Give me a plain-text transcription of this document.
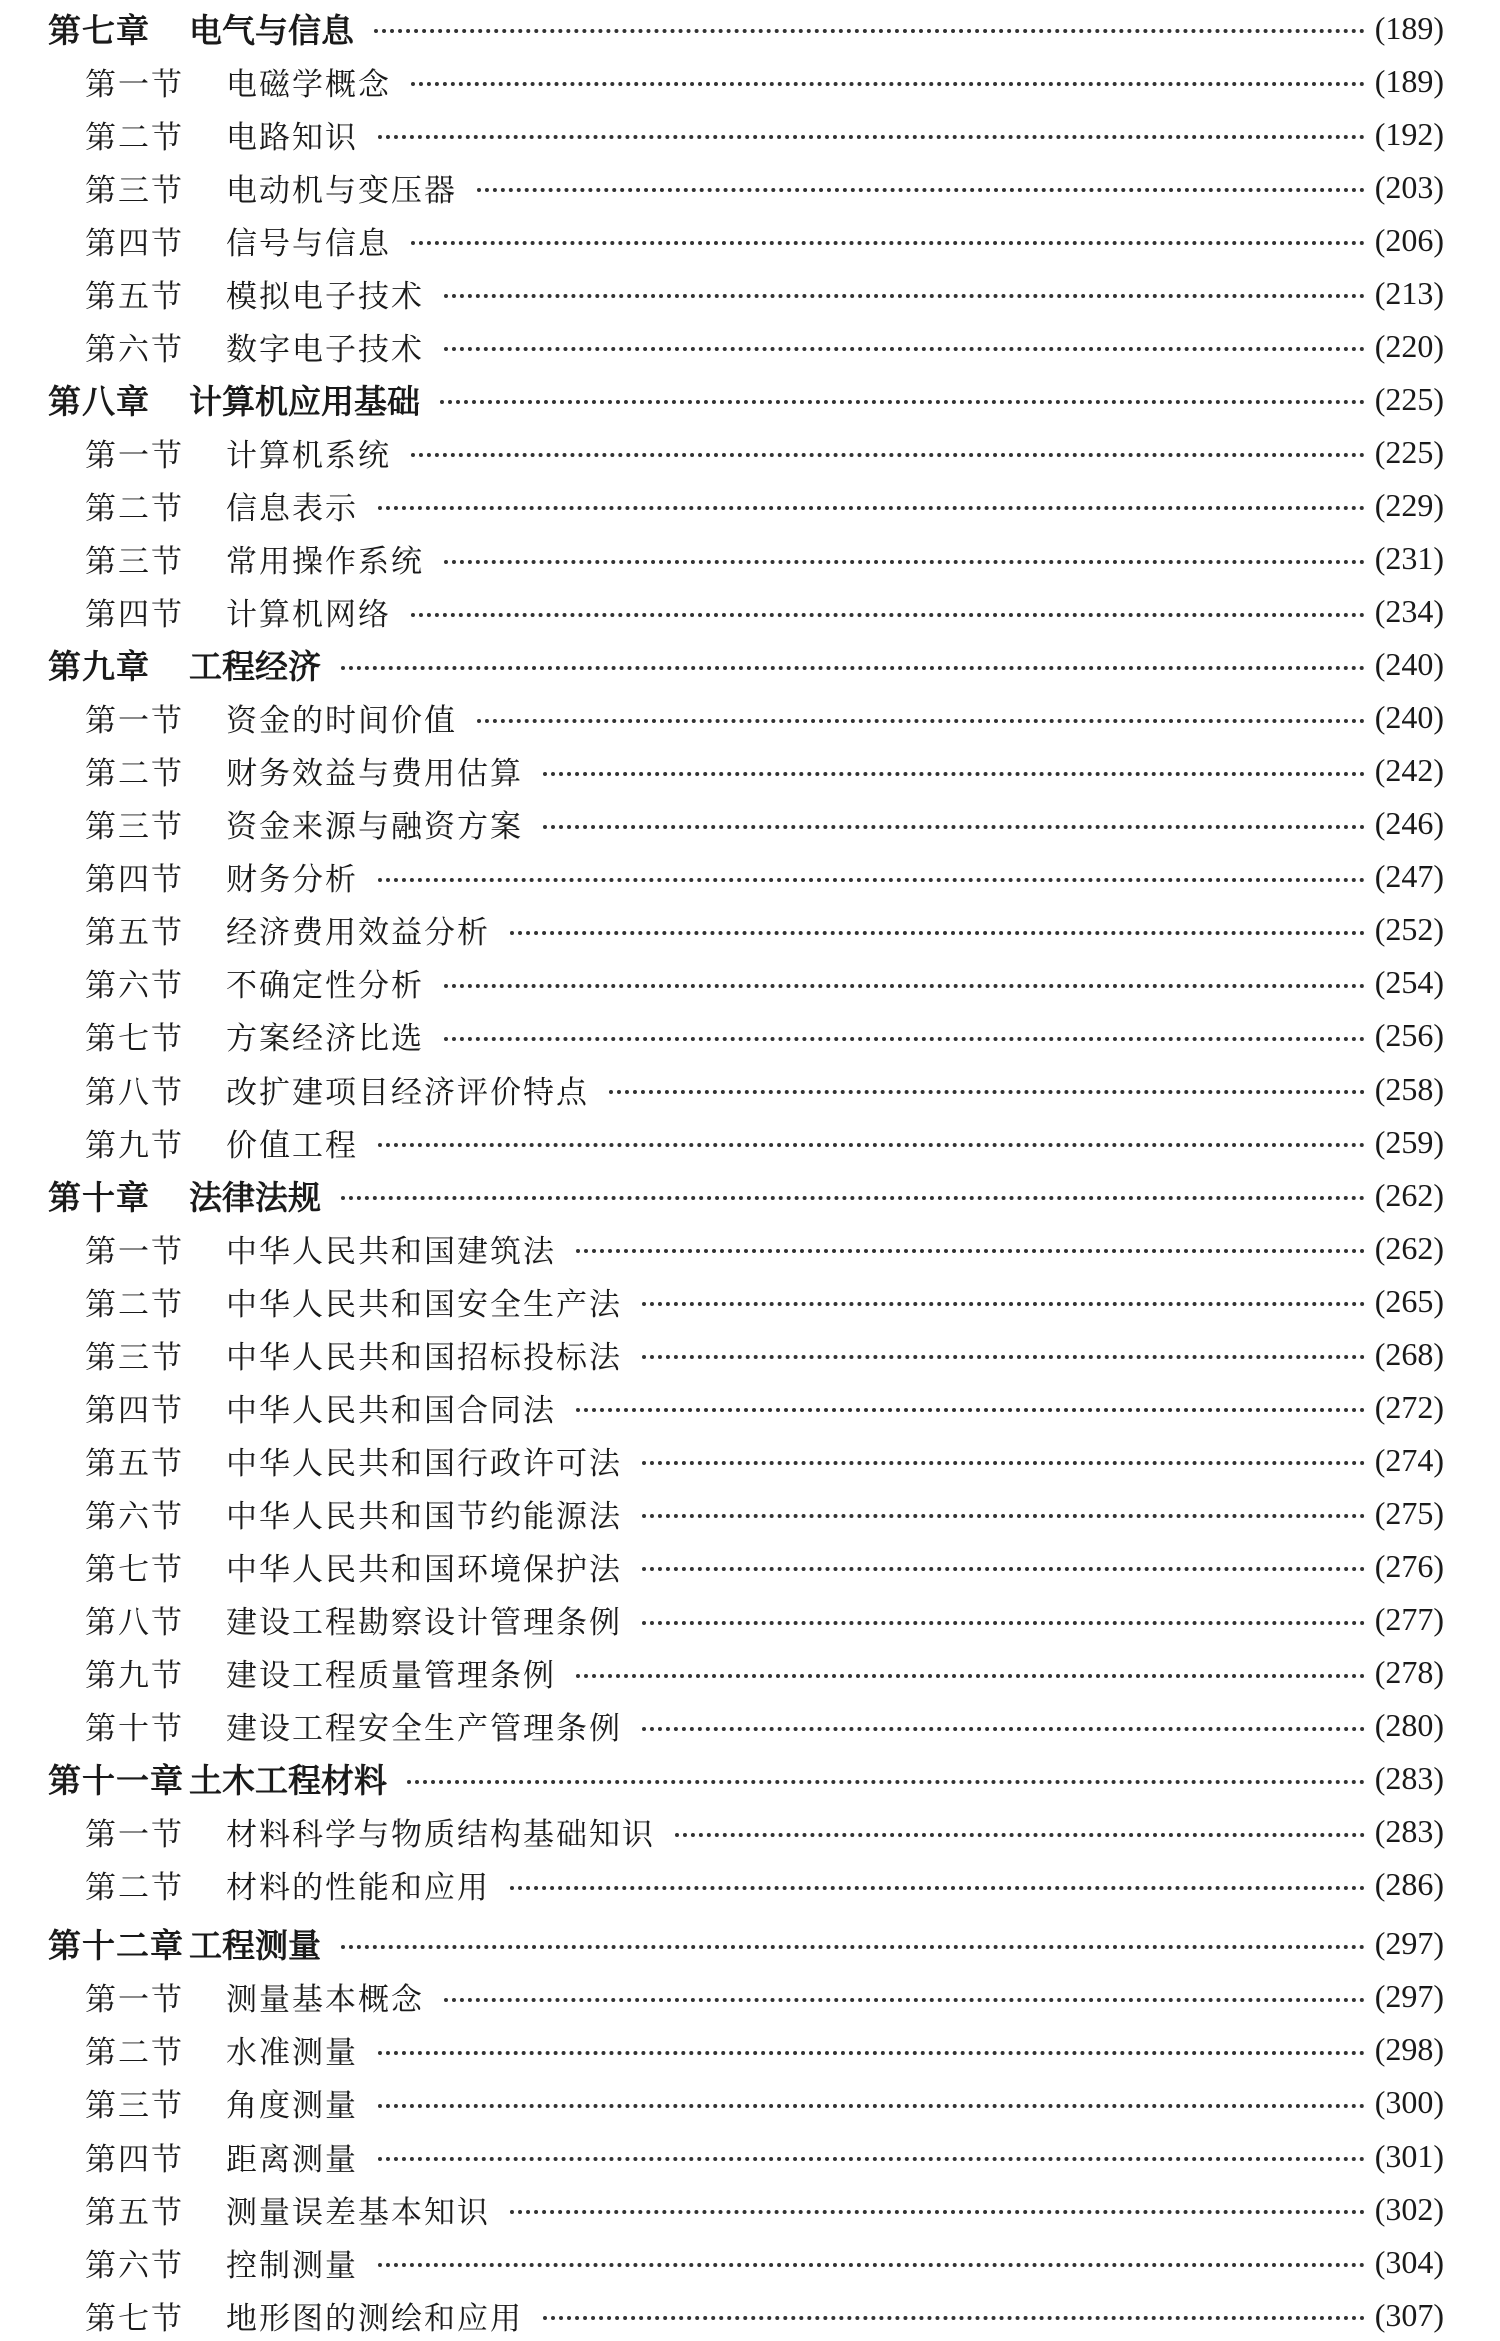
第七章	电气与信息	(189)
第一节	电磁学概念	(189)
第二节	电路知识	(192)
第三节	电动机与变压器	(203)
第四节	信号与信息	(206)
第五节	模拟电子技术	(213)
第六节	数字电子技术	(220)
第八章	计算机应用基础	(225)
第一节	计算机系统	(225)
第二节	信息表示	(229)
第三节	常用操作系统	(231)
第四节	计算机网络	(234)
第九章	工程经济	(240)
第一节	资金的时间价值	(240)
第二节	财务效益与费用估算	(242)
第三节	资金来源与融资方案	(246)
第四节	财务分析	(247)
第五节	经济费用效益分析	(252)
第六节	不确定性分析	(254)
第七节	方案经济比选	(256)
第八节	改扩建项目经济评价特点	(258)
第九节	价值工程	(259)
第十章	法律法规	(262)
第一节	中华人民共和国建筑法	(262)
第二节	中华人民共和国安全生产法	(265)
第三节	中华人民共和国招标投标法	(268)
第四节	中华人民共和国合同法	(272)
第五节	中华人民共和国行政许可法	(274)
第六节	中华人民共和国节约能源法	(275)
第七节	中华人民共和国环境保护法	(276)
第八节	建设工程勘察设计管理条例	(277)
第九节	建设工程质量管理条例	(278)
第十节	建设工程安全生产管理条例	(280)
第十一章 土木工程材料	(283)
第一节	材料科学与物质结构基础知识	(283)
第二节	材料的性能和应用	(286)
第十二章 工程测量	(297)
第一节	测量基本概念	(297)
第二节	水准测量	(298)
第三节	角度测量	(300)
第四节	距离测量	(301)
第五节	测量误差基本知识	(302)
第六节	控制测量	(304)
第七节	地形图的测绘和应用	(307)
